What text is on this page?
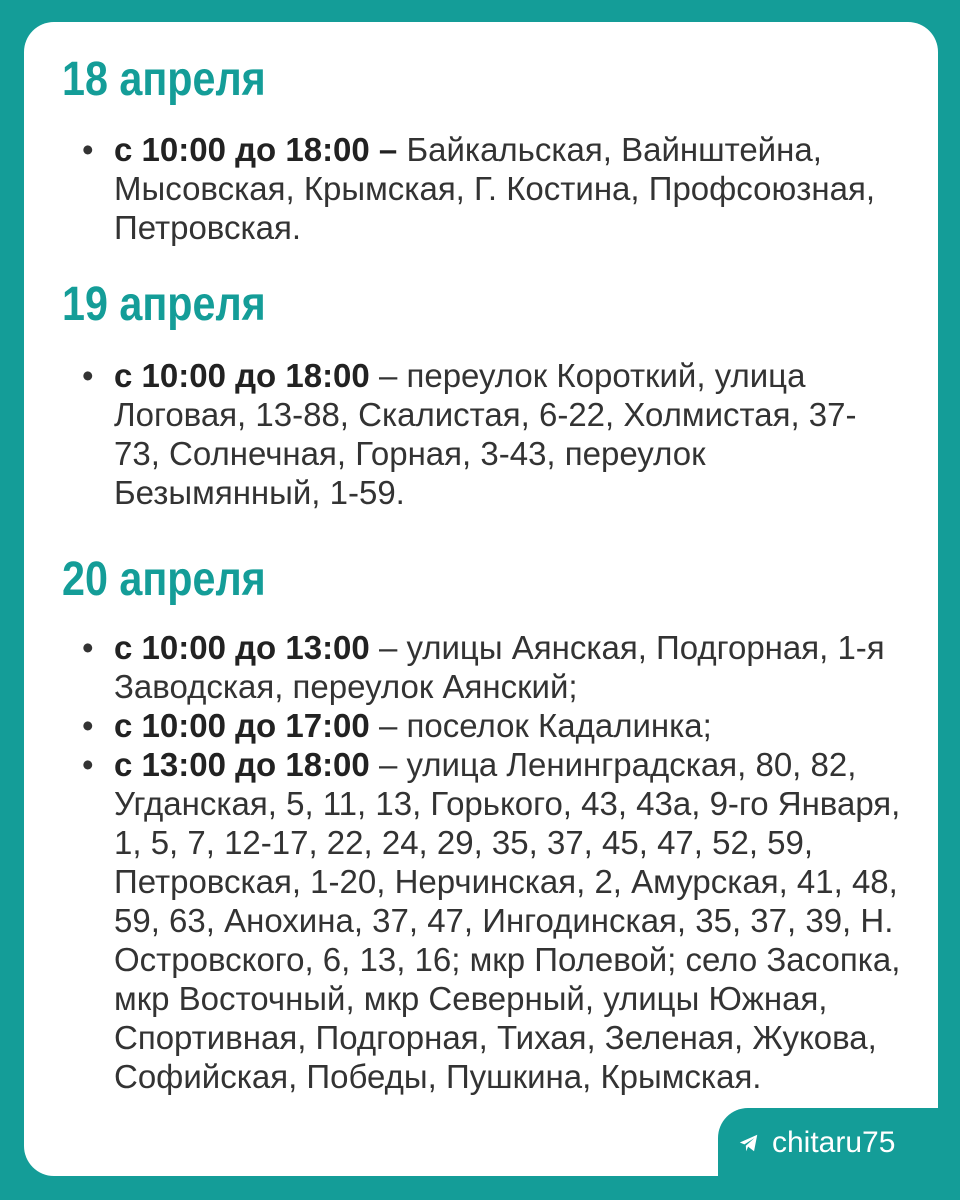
18 апреля
• с 10:00 до 18:00 – Байкальская, Вайнштейна, Мысовская, Крымская, Г. Костина, Профсоюзная, Петровская.
19 апреля
• с 10:00 до 18:00 – переулок Короткий, улица Логовая, 13-88, Скалистая, 6-22, Холмистая, 37-73, Солнечная, Горная, 3-43, переулок Безымянный, 1-59.
20 апреля
• с 10:00 до 13:00 – улицы Аянская, Подгорная, 1-я Заводская, переулок Аянский;
• с 10:00 до 17:00 – поселок Кадалинка;
• с 13:00 до 18:00 – улица Ленинградская, 80, 82, Угданская, 5, 11, 13, Горького, 43, 43а, 9-го Января, 1, 5, 7, 12-17, 22, 24, 29, 35, 37, 45, 47, 52, 59, Петровская, 1-20, Нерчинская, 2, Амурская, 41, 48, 59, 63, Анохина, 37, 47, Ингодинская, 35, 37, 39, Н. Островского, 6, 13, 16; мкр Полевой; село Засопка, мкр Восточный, мкр Северный, улицы Южная, Спортивная, Подгорная, Тихая, Зеленая, Жукова, Софийская, Победы, Пушкина, Крымская.
chitaru75
